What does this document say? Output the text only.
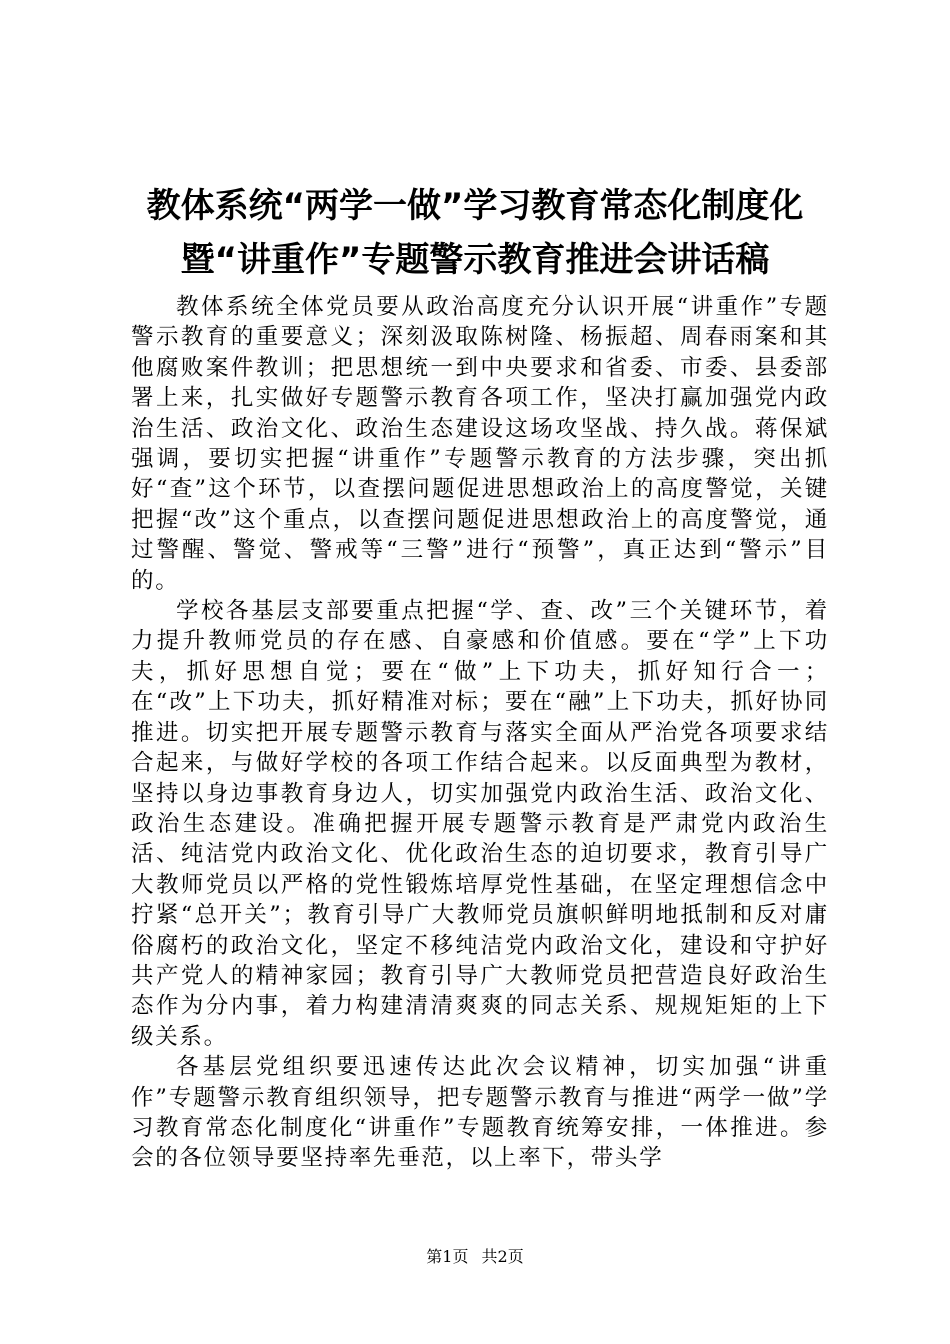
教体系统“两学一做”学习教育常态化制度化
暨“讲重作”专题警示教育推进会讲话稿

教体系统全体党员要从政治高度充分认识开展“讲重作”专题警示教育的重要意义；深刻汲取陈树隆、杨振超、周春雨案和其他腐败案件教训；把思想统一到中央要求和省委、市委、县委部署上来，扎实做好专题警示教育各项工作，坚决打赢加强党内政治生活、政治文化、政治生态建设这场攻坚战、持久战。蒋保斌强调，要切实把握“讲重作”专题警示教育的方法步骤，突出抓好“查”这个环节，以查摆问题促进思想政治上的高度警觉，关键把握“改”这个重点，以查摆问题促进思想政治上的高度警觉，通过警醒、警觉、警戒等“三警”进行“预警”，真正达到“警示”目的。

学校各基层支部要重点把握“学、查、改”三个关键环节，着力提升教师党员的存在感、自豪感和价值感。要在“学”上下功夫，抓好思想自觉；要在“做”上下功夫，抓好知行合一；在“改”上下功夫，抓好精准对标；要在“融”上下功夫，抓好协同推进。切实把开展专题警示教育与落实全面从严治党各项要求结合起来，与做好学校的各项工作结合起来。以反面典型为教材，坚持以身边事教育身边人，切实加强党内政治生活、政治文化、政治生态建设。准确把握开展专题警示教育是严肃党内政治生活、纯洁党内政治文化、优化政治生态的迫切要求，教育引导广大教师党员以严格的党性锻炼培厚党性基础，在坚定理想信念中拧紧“总开关”；教育引导广大教师党员旗帜鲜明地抵制和反对庸俗腐朽的政治文化，坚定不移纯洁党内政治文化，建设和守护好共产党人的精神家园；教育引导广大教师党员把营造良好政治生态作为分内事，着力构建清清爽爽的同志关系、规规矩矩的上下级关系。

各基层党组织要迅速传达此次会议精神，切实加强“讲重作”专题警示教育组织领导，把专题警示教育与推进“两学一做”学习教育常态化制度化“讲重作”专题教育统筹安排，一体推进。参会的各位领导要坚持率先垂范，以上率下，带头学

第1页 共2页
